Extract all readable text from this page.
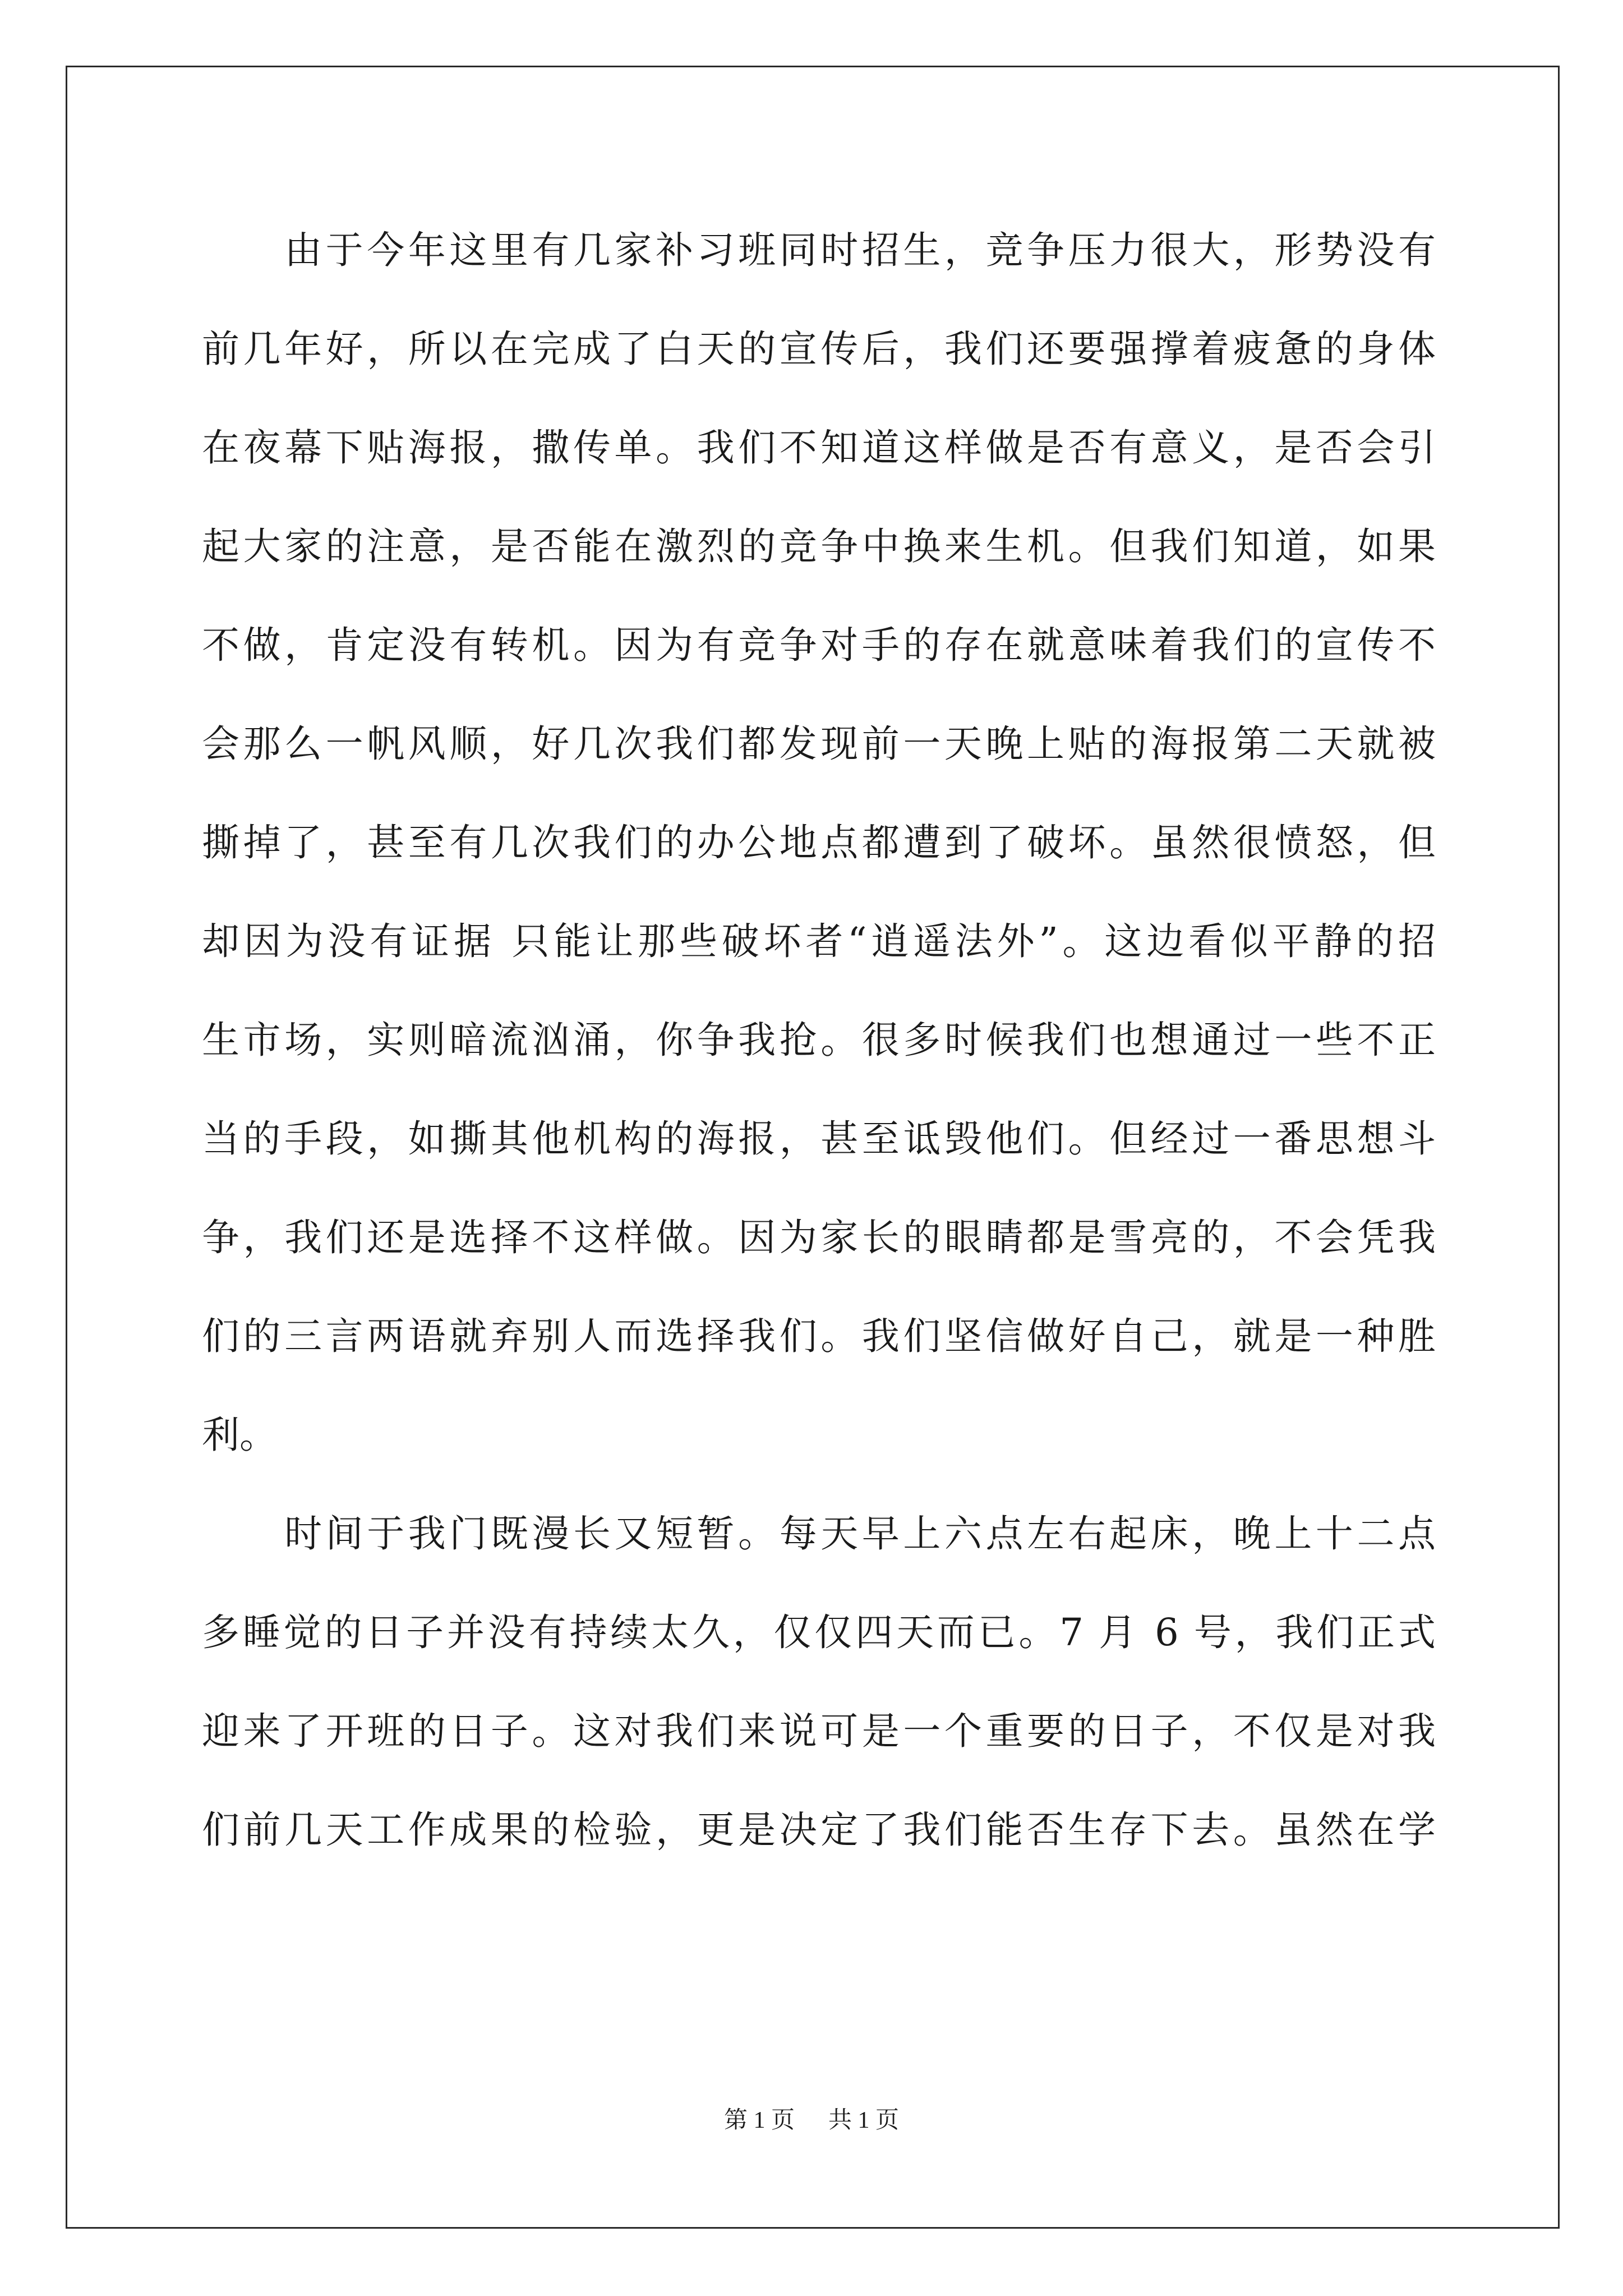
　　由于今年这里有几家补习班同时招生，竞争压力很大，形势没有
前几年好，所以在完成了白天的宣传后，我们还要强撑着疲惫的身体
在夜幕下贴海报，撒传单。我们不知道这样做是否有意义，是否会引
起大家的注意，是否能在激烈的竞争中换来生机。但我们知道，如果
不做，肯定没有转机。因为有竞争对手的存在就意味着我们的宣传不
会那么一帆风顺，好几次我们都发现前一天晚上贴的海报第二天就被
撕掉了，甚至有几次我们的办公地点都遭到了破坏。虽然很愤怒，但
却因为没有证据 只能让那些破坏者“逍遥法外”。这边看似平静的招
生市场，实则暗流汹涌，你争我抢。很多时候我们也想通过一些不正
当的手段，如撕其他机构的海报，甚至诋毁他们。但经过一番思想斗
争，我们还是选择不这样做。因为家长的眼睛都是雪亮的，不会凭我
们的三言两语就弃别人而选择我们。我们坚信做好自己，就是一种胜
利。
　　时间于我门既漫长又短暂。每天早上六点左右起床，晚上十二点
多睡觉的日子并没有持续太久，仅仅四天而已。7 月 6 号，我们正式
迎来了开班的日子。这对我们来说可是一个重要的日子，不仅是对我
们前几天工作成果的检验，更是决定了我们能否生存下去。虽然在学
第 1 页 共 1 页
